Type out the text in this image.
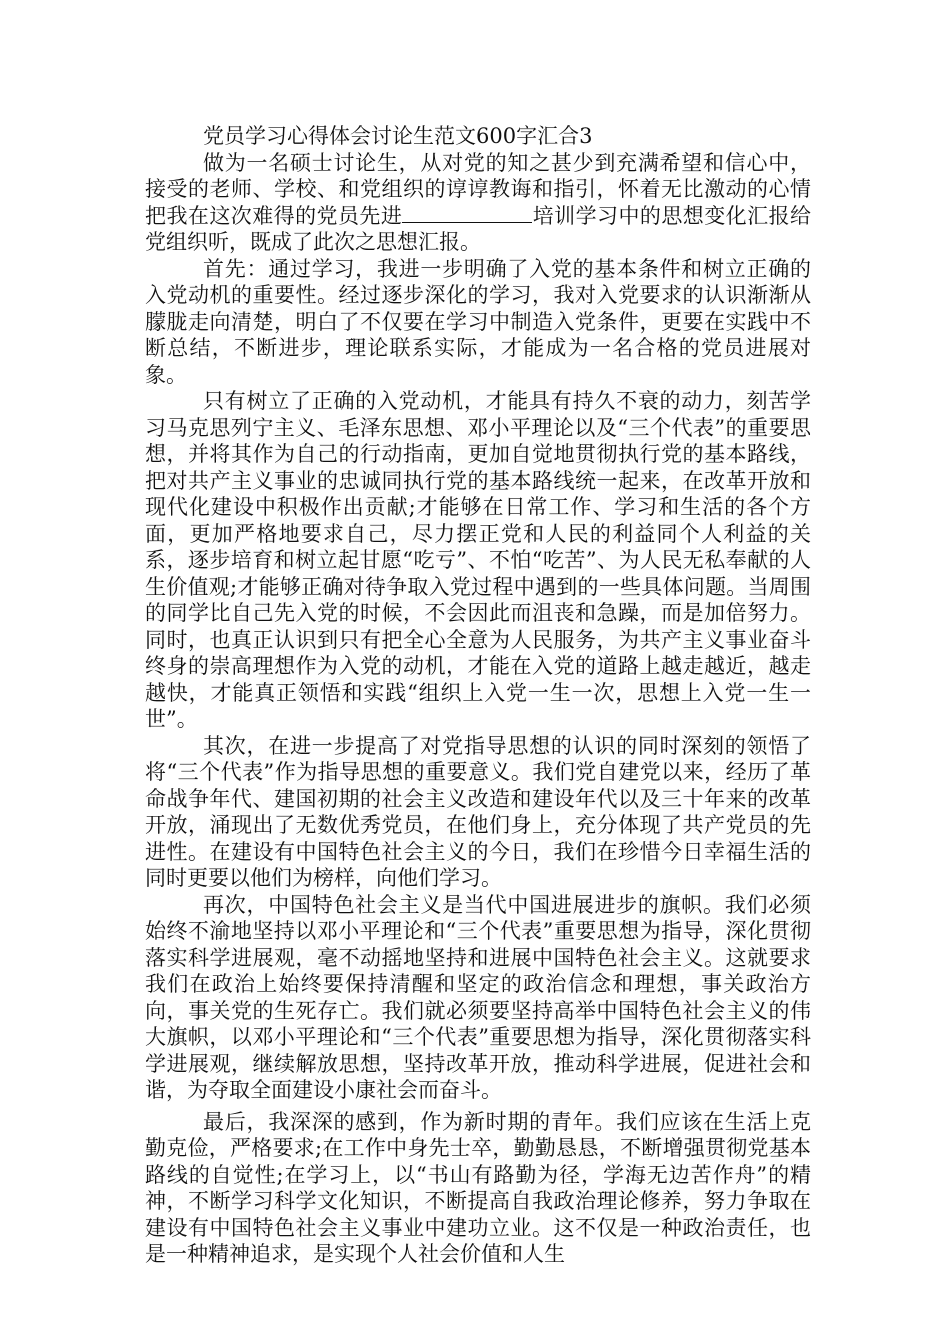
党员学习心得体会讨论生范文600字汇合3

做为一名硕士讨论生，从对党的知之甚少到充满希望和信心中，接受的老师、学校、和党组织的谆谆教诲和指引，怀着无比激动的心情把我在这次难得的党员先进	培训学习中的思想变化汇报给党组织听，既成了此次之思想汇报。

首先：通过学习，我进一步明确了入党的基本条件和树立正确的入党动机的重要性。经过逐步深化的学习，我对入党要求的认识渐渐从朦胧走向清楚，明白了不仅要在学习中制造入党条件，更要在实践中不断总结，不断进步，理论联系实际，才能成为一名合格的党员进展对象。

只有树立了正确的入党动机，才能具有持久不衰的动力，刻苦学习马克思列宁主义、毛泽东思想、邓小平理论以及“三个代表”的重要思想，并将其作为自己的行动指南，更加自觉地贯彻执行党的基本路线，把对共产主义事业的忠诚同执行党的基本路线统一起来，在改革开放和现代化建设中积极作出贡献;才能够在日常工作、学习和生活的各个方面，更加严格地要求自己，尽力摆正党和人民的利益同个人利益的关系，逐步培育和树立起甘愿“吃亏”、不怕“吃苦”、为人民无私奉献的人生价值观;才能够正确对待争取入党过程中遇到的一些具体问题。当周围的同学比自己先入党的时候，不会因此而沮丧和急躁，而是加倍努力。同时，也真正认识到只有把全心全意为人民服务，为共产主义事业奋斗终身的崇高理想作为入党的动机，才能在入党的道路上越走越近，越走越快，才能真正领悟和实践“组织上入党一生一次，思想上入党一生一世”。

其次，在进一步提高了对党指导思想的认识的同时深刻的领悟了将“三个代表”作为指导思想的重要意义。我们党自建党以来，经历了革命战争年代、建国初期的社会主义改造和建设年代以及三十年来的改革开放，涌现出了无数优秀党员，在他们身上，充分体现了共产党员的先进性。在建设有中国特色社会主义的今日，我们在珍惜今日幸福生活的同时更要以他们为榜样，向他们学习。

再次，中国特色社会主义是当代中国进展进步的旗帜。我们必须始终不渝地坚持以邓小平理论和“三个代表”重要思想为指导，深化贯彻落实科学进展观，毫不动摇地坚持和进展中国特色社会主义。这就要求我们在政治上始终要保持清醒和坚定的政治信念和理想，事关政治方向，事关党的生死存亡。我们就必须要坚持高举中国特色社会主义的伟大旗帜，以邓小平理论和“三个代表”重要思想为指导，深化贯彻落实科学进展观，继续解放思想，坚持改革开放，推动科学进展，促进社会和谐，为夺取全面建设小康社会而奋斗。

最后，我深深的感到，作为新时期的青年。我们应该在生活上克勤克俭，严格要求;在工作中身先士卒，勤勤恳恳，不断增强贯彻党基本路线的自觉性;在学习上，以“书山有路勤为径，学海无边苦作舟”的精神，不断学习科学文化知识，不断提高自我政治理论修养，努力争取在建设有中国特色社会主义事业中建功立业。这不仅是一种政治责任，也是一种精神追求，是实现个人社会价值和人生
